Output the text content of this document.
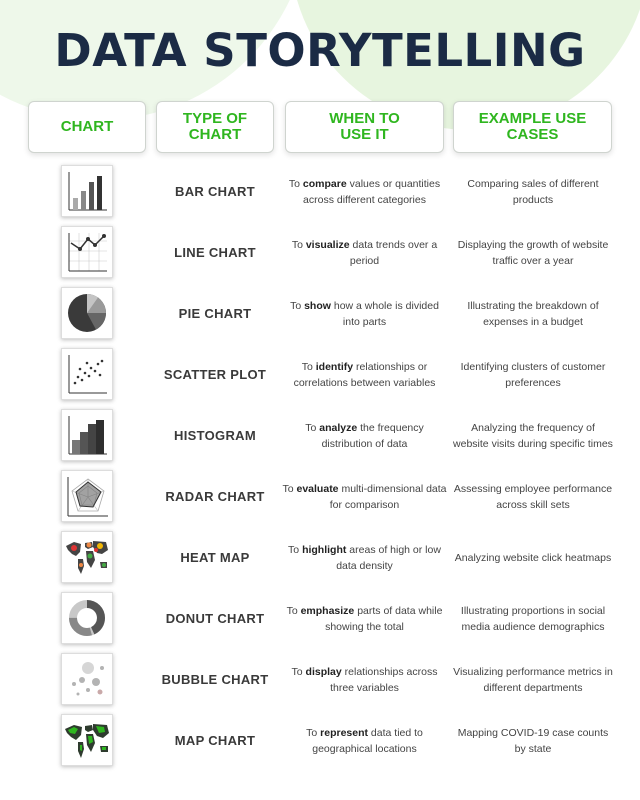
DATA STORYTELLING
CHART	TYPE OF
CHART
WHEN TO
USE IT
EXAMPLE USE
CASES
BAR CHART
To compare values or quantities across different categories
Comparing sales of different products
LINE CHART
To visualize data trends over a period
Displaying the growth of website traffic over a year
PIE CHART
To show how a whole is divided into parts
Illustrating the breakdown of expenses in a budget
SCATTER PLOT
To identify relationships or correlations between variables
Identifying clusters of customer preferences
HISTOGRAM
To analyze the frequency distribution of data
Analyzing the frequency of website visits during specific times
RADAR CHART
To evaluate multi-dimensional data for comparison
Assessing employee performance across skill sets
HEAT MAP
To highlight areas of high or low data density
Analyzing website click heatmaps
DONUT CHART
To emphasize parts of data while showing the total
Illustrating proportions in social media audience demographics
BUBBLE CHART
To display relationships across three variables
Visualizing performance metrics in different departments
MAP CHART
To represent data tied to geographical locations
Mapping COVID-19 case counts by state
